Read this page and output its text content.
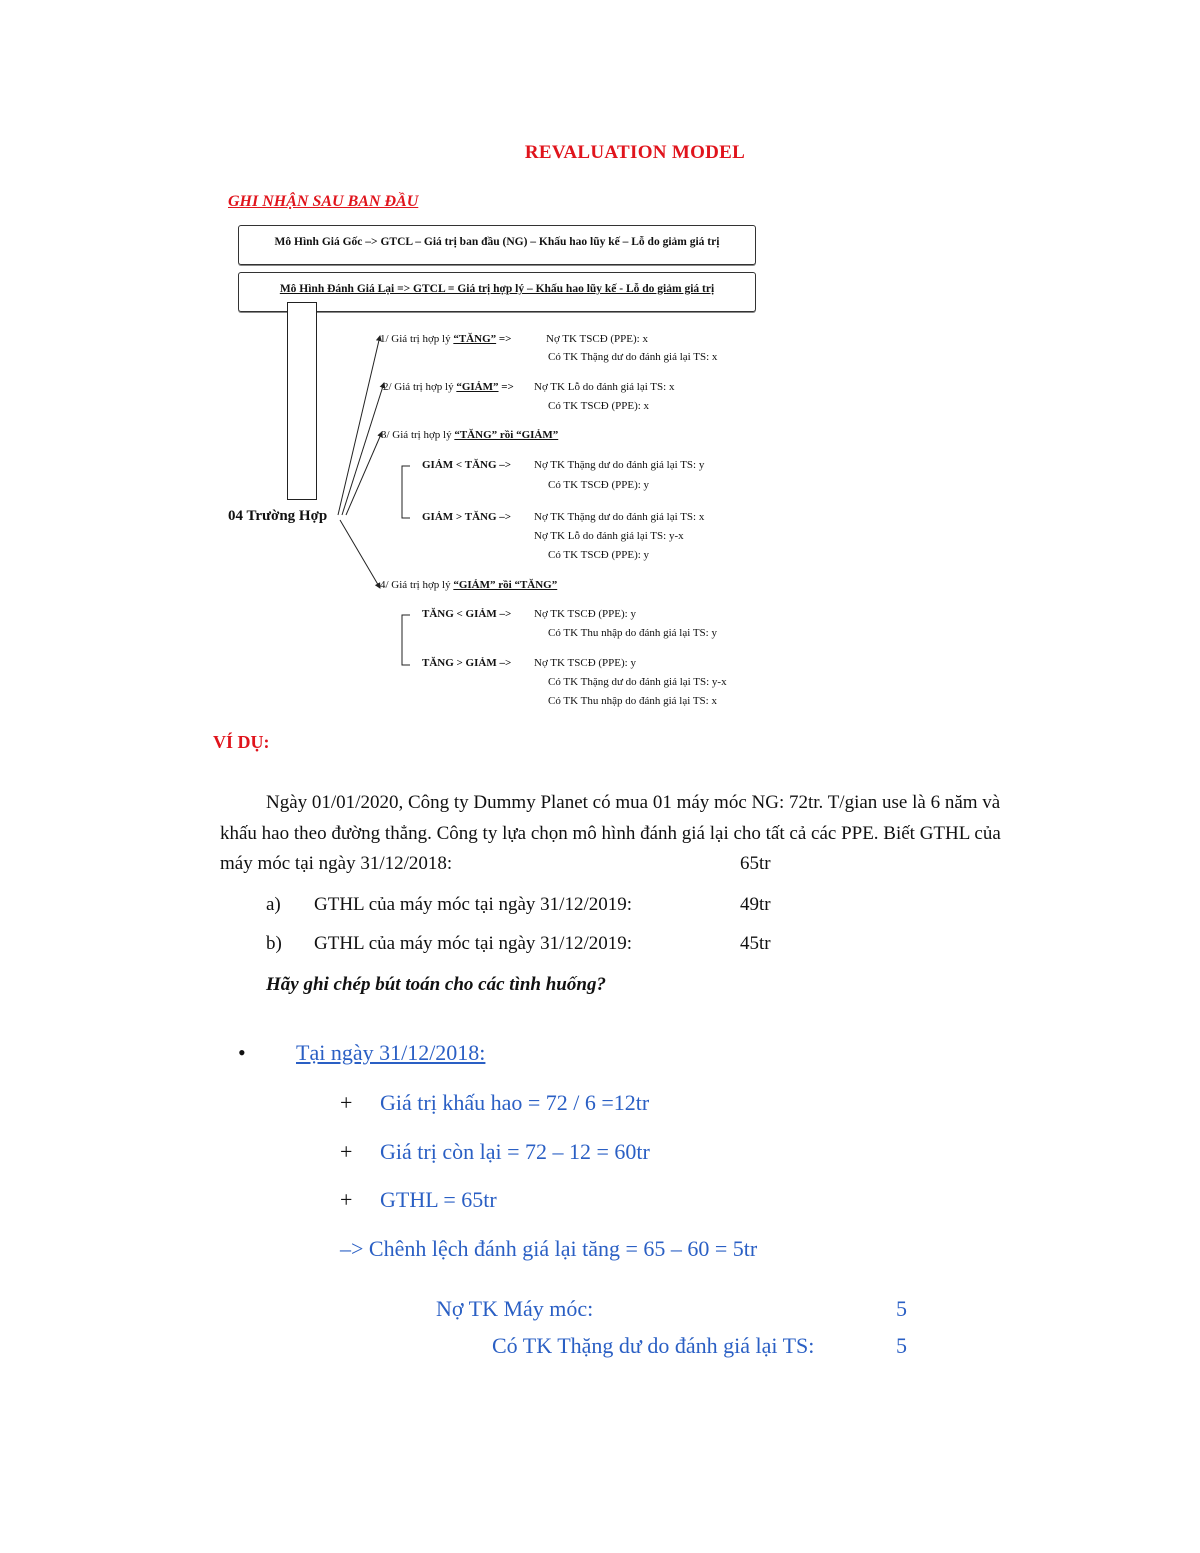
REVALUATION MODEL
GHI NHẬN SAU BAN ĐẦU
Mô Hình Giá Gốc –> GTCL – Giá trị ban đầu (NG) – Khấu hao lũy kế – Lỗ do giảm giá trị
Mô Hình Đánh Giá Lại => GTCL = Giá trị hợp lý – Khấu hao lũy kế - Lỗ do giảm giá trị
04 Trường Hợp
1/ Giá trị hợp lý “TĂNG” =>	Nợ TK TSCĐ (PPE): x
Có TK Thặng dư do đánh giá lại TS: x
2/ Giá trị hợp lý “GIẢM” => Nợ TK Lỗ do đánh giá lại TS: x
Có TK TSCĐ (PPE): x
3/ Giá trị hợp lý “TĂNG” rồi “GIẢM”
GIẢM < TĂNG –> Nợ TK Thặng dư do đánh giá lại TS: y
Có TK TSCĐ (PPE): y
GIẢM > TĂNG –> Nợ TK Thặng dư do đánh giá lại TS: x
Nợ TK Lỗ do đánh giá lại TS: y-x
Có TK TSCĐ (PPE): y
4/ Giá trị hợp lý “GIẢM” rồi “TĂNG”
TĂNG < GIẢM –> Nợ TK TSCĐ (PPE): y
Có TK Thu nhập do đánh giá lại TS: y
TĂNG > GIẢM –> Nợ TK TSCĐ (PPE): y
Có TK Thặng dư do đánh giá lại TS: y-x
Có TK Thu nhập do đánh giá lại TS: x
VÍ DỤ:
Ngày 01/01/2020, Công ty Dummy Planet có mua 01 máy móc NG: 72tr. T/gian use là 6 năm và
khấu hao theo đường thẳng. Công ty lựa chọn mô hình đánh giá lại cho tất cả các PPE. Biết GTHL của
máy móc tại ngày 31/12/2018:	65tr
a) GTHL của máy móc tại ngày 31/12/2019:	49tr
b) GTHL của máy móc tại ngày 31/12/2019:	45tr
Hãy ghi chép bút toán cho các tình huống?
• Tại ngày 31/12/2018:
+ Giá trị khấu hao = 72 / 6 =12tr
+ Giá trị còn lại = 72 – 12 = 60tr
+ GTHL = 65tr
–> Chênh lệch đánh giá lại tăng = 65 – 60 = 5tr
Nợ TK Máy móc:	5
Có TK Thặng dư do đánh giá lại TS:	5
